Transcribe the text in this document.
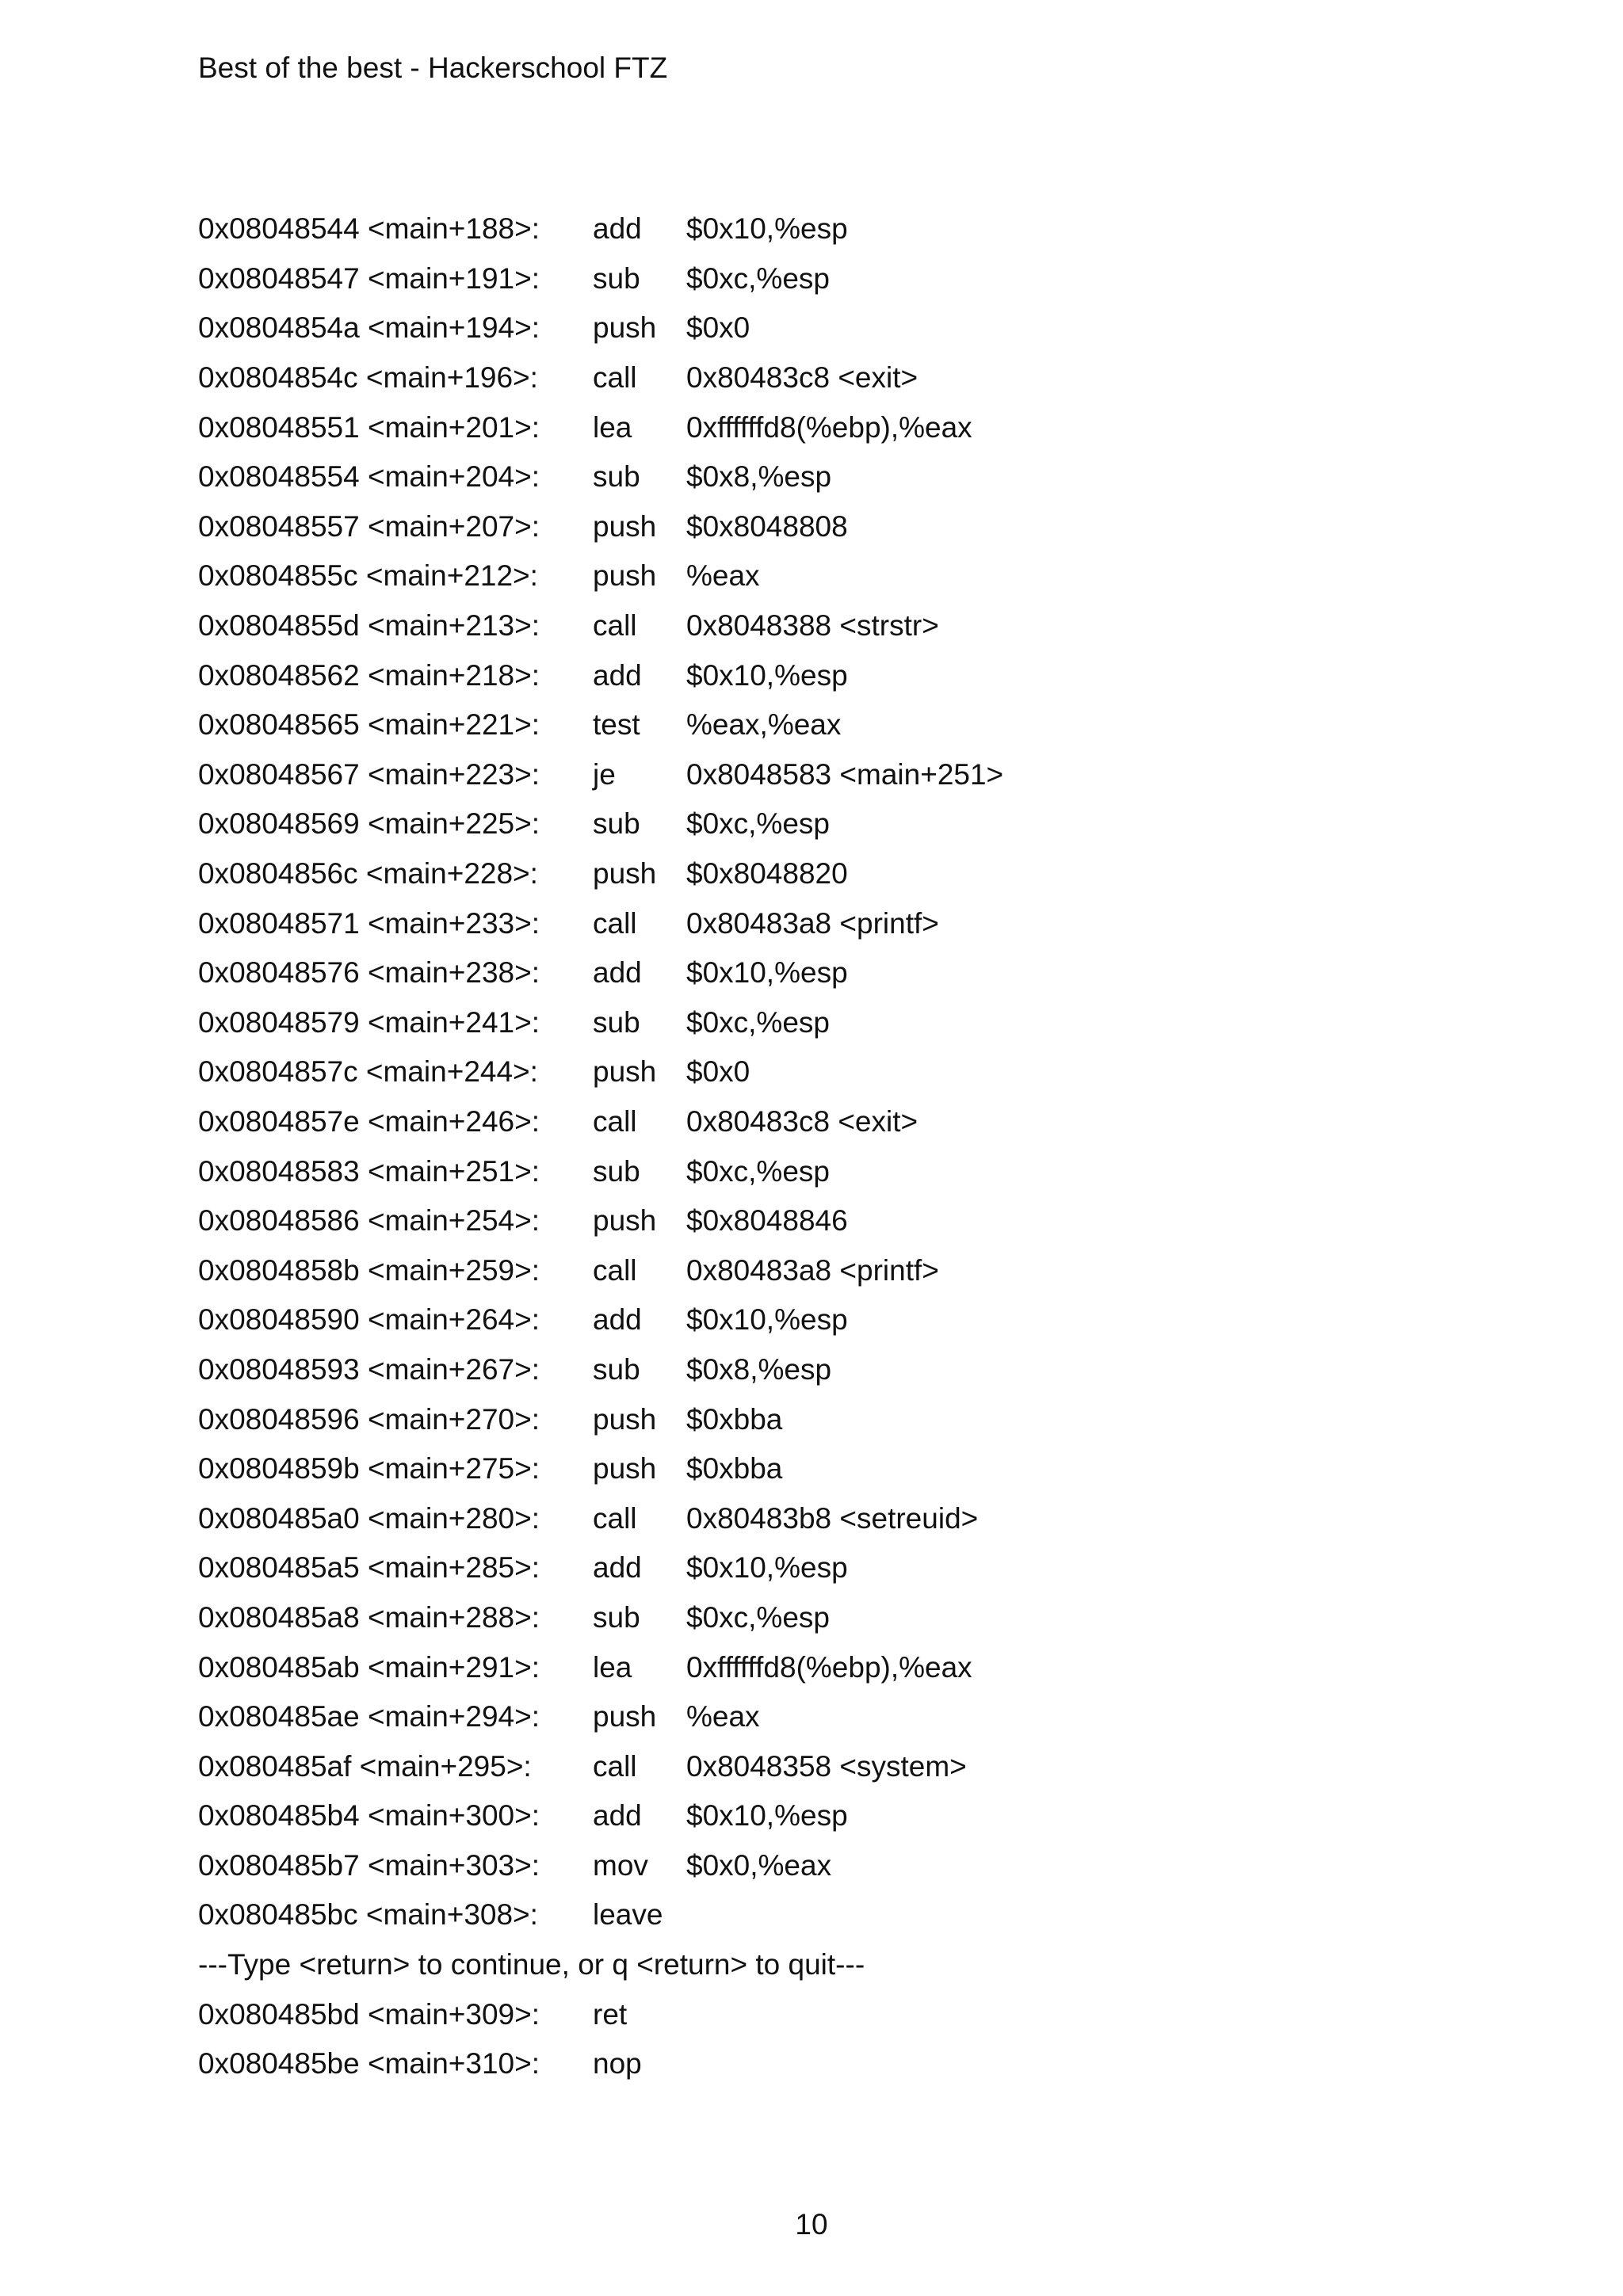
Best of the best - Hackerschool FTZ
0x08048544 <main+188>:	add	$0x10,%esp
0x08048547 <main+191>:	sub	$0xc,%esp
0x0804854a <main+194>:	push	$0x0
0x0804854c <main+196>:	call	0x80483c8 <exit>
0x08048551 <main+201>:	lea	0xffffffd8(%ebp),%eax
0x08048554 <main+204>:	sub	$0x8,%esp
0x08048557 <main+207>:	push	$0x8048808
0x0804855c <main+212>:	push	%eax
0x0804855d <main+213>:	call	0x8048388 <strstr>
0x08048562 <main+218>:	add	$0x10,%esp
0x08048565 <main+221>:	test	%eax,%eax
0x08048567 <main+223>:	je	0x8048583 <main+251>
0x08048569 <main+225>:	sub	$0xc,%esp
0x0804856c <main+228>:	push	$0x8048820
0x08048571 <main+233>:	call	0x80483a8 <printf>
0x08048576 <main+238>:	add	$0x10,%esp
0x08048579 <main+241>:	sub	$0xc,%esp
0x0804857c <main+244>:	push	$0x0
0x0804857e <main+246>:	call	0x80483c8 <exit>
0x08048583 <main+251>:	sub	$0xc,%esp
0x08048586 <main+254>:	push	$0x8048846
0x0804858b <main+259>:	call	0x80483a8 <printf>
0x08048590 <main+264>:	add	$0x10,%esp
0x08048593 <main+267>:	sub	$0x8,%esp
0x08048596 <main+270>:	push	$0xbba
0x0804859b <main+275>:	push	$0xbba
0x080485a0 <main+280>:	call	0x80483b8 <setreuid>
0x080485a5 <main+285>:	add	$0x10,%esp
0x080485a8 <main+288>:	sub	$0xc,%esp
0x080485ab <main+291>:	lea	0xffffffd8(%ebp),%eax
0x080485ae <main+294>:	push	%eax
0x080485af <main+295>:	call	0x8048358 <system>
0x080485b4 <main+300>:	add	$0x10,%esp
0x080485b7 <main+303>:	mov	$0x0,%eax
0x080485bc <main+308>:	leave
---Type <return> to continue, or q <return> to quit---
0x080485bd <main+309>:	ret
0x080485be <main+310>:	nop
10
